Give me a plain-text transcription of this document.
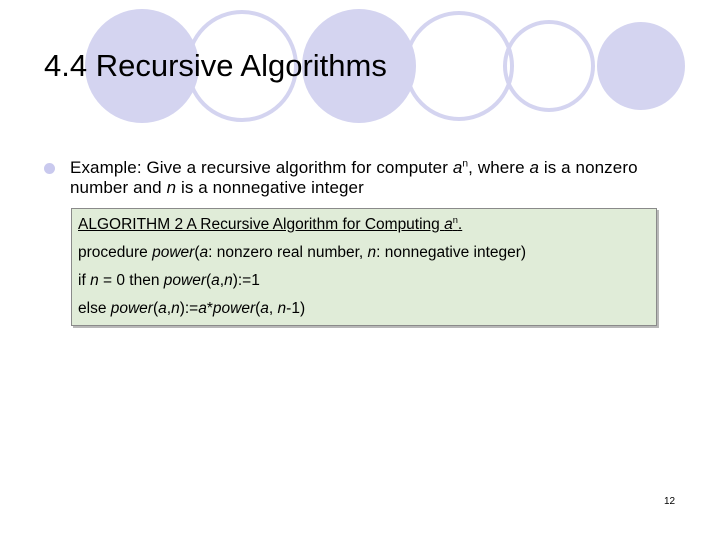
4.4 Recursive Algorithms
Example: Give a recursive algorithm for computer $a^n$, where a is a nonzero number and n is a nonnegative integer
ALGORITHM 2 A Recursive Algorithm for Computing $a^n$.
procedure power(a: nonzero real number, n: nonnegative integer)
if n = 0 then power(a,n):=1
else power(a,n):=a*power(a, n-1)
12
